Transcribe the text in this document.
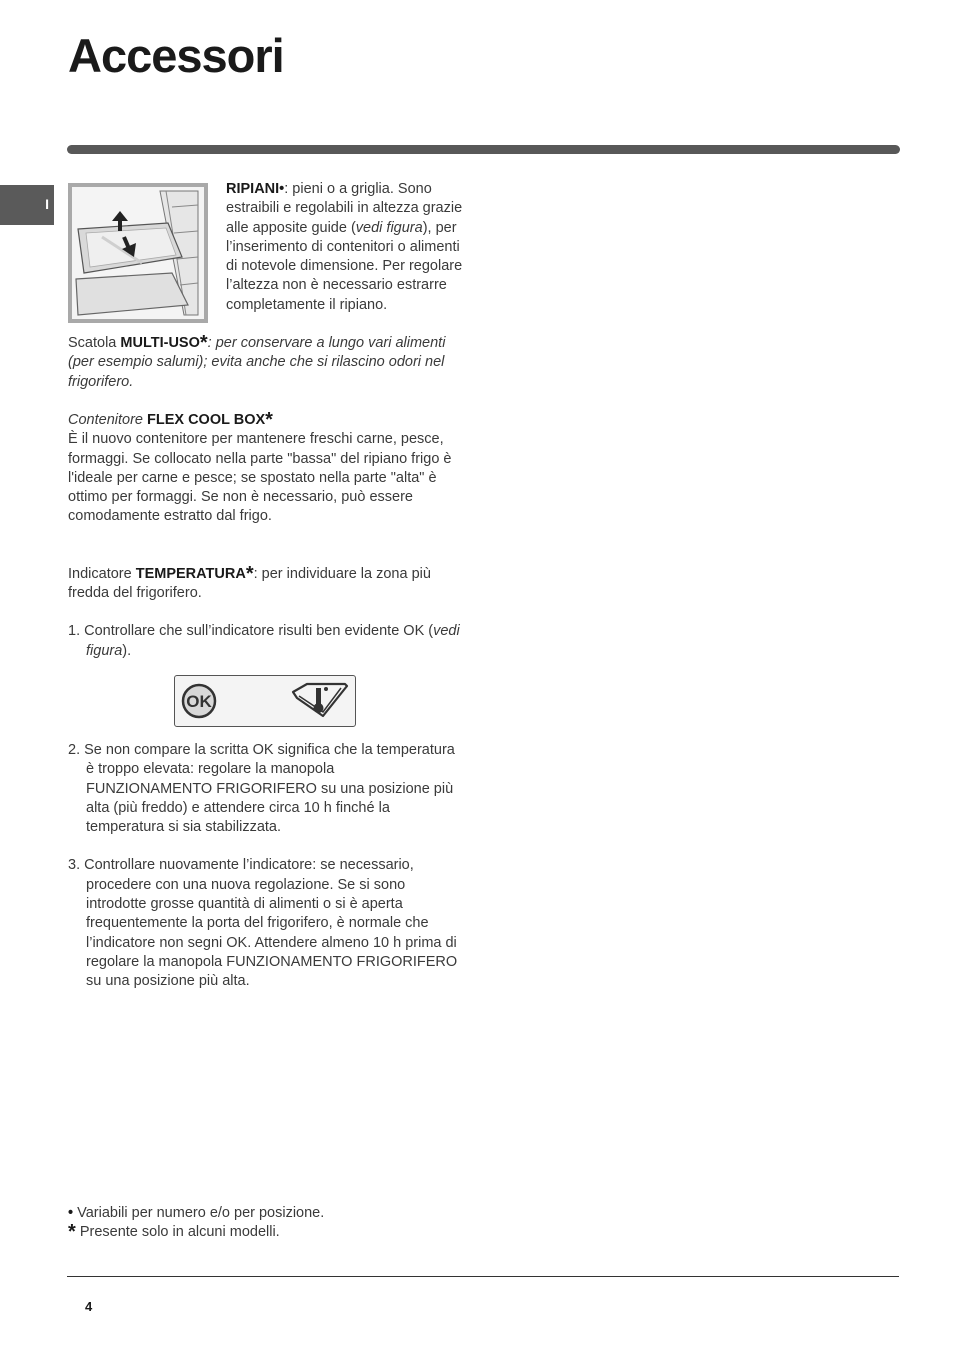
Accessori
I

RIPIANI•: pieni o a griglia. Sono estraibili e regolabili in altezza grazie alle apposite guide (vedi figura), per l’inserimento di contenitori o alimenti di notevole dimensione. Per regolare l’altezza non è necessario estrarre completamente il ripiano.

Scatola MULTI-USO*: per conservare a lungo vari alimenti (per esempio salumi); evita anche che si rilascino odori nel frigorifero.

Contenitore FLEX COOL BOX*

È il nuovo contenitore per mantenere freschi carne, pesce, formaggi. Se collocato nella parte "bassa" del ripiano frigo è l'ideale per carne e pesce; se spostato nella parte "alta" è ottimo per formaggi. Se non è necessario, può essere comodamente estratto dal frigo.

Indicatore TEMPERATURA*: per individuare la zona più fredda del frigorifero.

1. Controllare che sull’indicatore risulti ben evidente OK (vedi figura).

OK

2. Se non compare la scritta OK significa che la temperatura è troppo elevata: regolare la manopola FUNZIONAMENTO FRIGORIFERO su una posizione più alta (più freddo) e attendere circa 10 h finché la temperatura si sia stabilizzata.

3. Controllare nuovamente l’indicatore: se necessario, procedere con una nuova regolazione. Se si sono introdotte grosse quantità di alimenti o si è aperta frequentemente la porta del frigorifero, è normale che l’indicatore non segni OK. Attendere almeno 10 h prima di regolare la manopola FUNZIONAMENTO FRIGORIFERO su una posizione più alta.

• Variabili per numero e/o per posizione.

* Presente solo in alcuni modelli.

4
